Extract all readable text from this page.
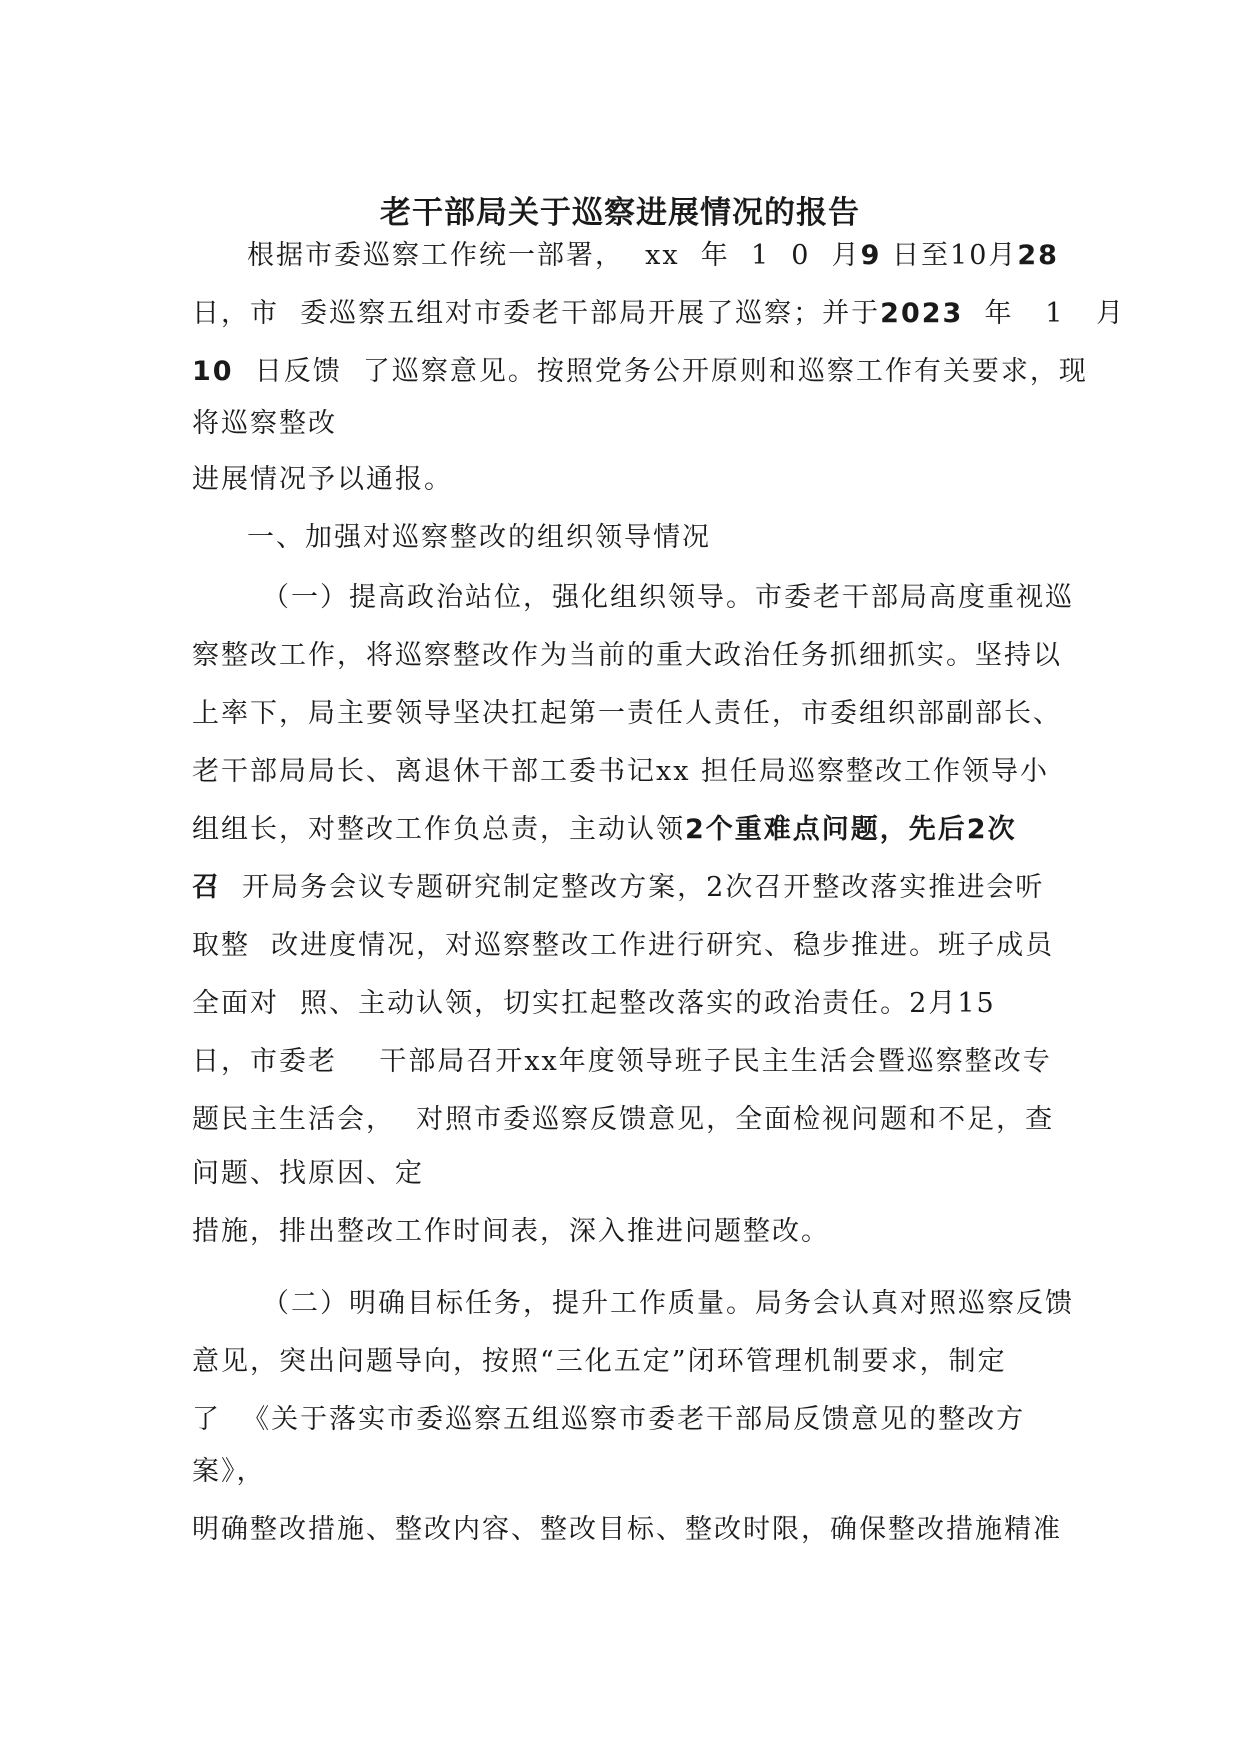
老干部局关于巡察进展情况的报告
根据市委巡察工作统一部署，  xx  年  1  0  月9 日至10月28
日，市  委巡察五组对市委老干部局开展了巡察；并于2023  年   1   月
10  日反馈  了巡察意见。按照党务公开原则和巡察工作有关要求，现
将巡察整改
进展情况予以通报。
一、加强对巡察整改的组织领导情况
（一）提高政治站位，强化组织领导。市委老干部局高度重视巡
察整改工作，将巡察整改作为当前的重大政治任务抓细抓实。坚持以
上率下，局主要领导坚决扛起第一责任人责任，市委组织部副部长、
老干部局局长、离退休干部工委书记xx 担任局巡察整改工作领导小
组组长，对整改工作负总责，主动认领2个重难点问题，先后2次
召  开局务会议专题研究制定整改方案，2次召开整改落实推进会听
取整  改进度情况，对巡察整改工作进行研究、稳步推进。班子成员
全面对  照、主动认领，切实扛起整改落实的政治责任。2月15
日，市委老    干部局召开xx年度领导班子民主生活会暨巡察整改专
题民主生活会，  对照市委巡察反馈意见，全面检视问题和不足，查
问题、找原因、定
措施，排出整改工作时间表，深入推进问题整改。
（二）明确目标任务，提升工作质量。局务会认真对照巡察反馈
意见，突出问题导向，按照“三化五定”闭环管理机制要求，制定
了  《关于落实市委巡察五组巡察市委老干部局反馈意见的整改方
案》，
明确整改措施、整改内容、整改目标、整改时限，确保整改措施精准
